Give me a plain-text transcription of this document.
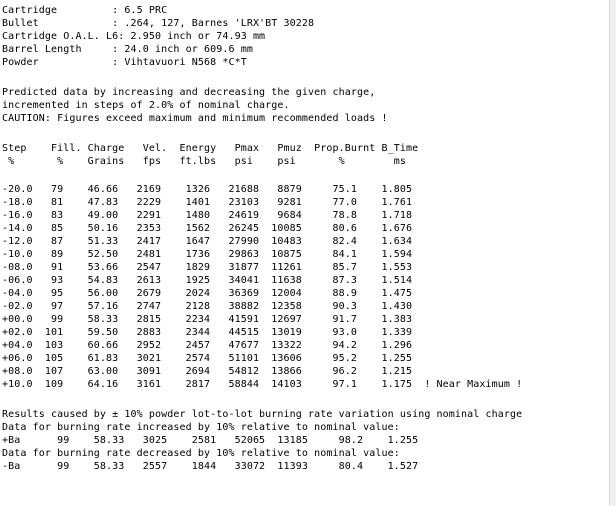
Cartridge         : 6.5 PRC
Bullet            : .264, 127, Barnes 'LRX'BT 30228
Cartridge O.A.L. L6: 2.950 inch or 74.93 mm
Barrel Length     : 24.0 inch or 609.6 mm
Powder            : Vihtavuori N568 *C*T
Predicted data by increasing and decreasing the given charge,
incremented in steps of 2.0% of nominal charge.
CAUTION: Figures exceed maximum and minimum recommended loads !
Step    Fill. Charge   Vel.  Energy   Pmax   Pmuz  Prop.Burnt B_Time
%       %    Grains   fps   ft.lbs   psi    psi       %        ms
-20.0   79    46.66   2169    1326   21688   8879     75.1    1.805
-18.0   81    47.83   2229    1401   23103   9281     77.0    1.761
-16.0   83    49.00   2291    1480   24619   9684     78.8    1.718
-14.0   85    50.16   2353    1562   26245  10085     80.6    1.676
-12.0   87    51.33   2417    1647   27990  10483     82.4    1.634
-10.0   89    52.50   2481    1736   29863  10875     84.1    1.594
-08.0   91    53.66   2547    1829   31877  11261     85.7    1.553
-06.0   93    54.83   2613    1925   34041  11638     87.3    1.514
-04.0   95    56.00   2679    2024   36369  12004     88.9    1.475
-02.0   97    57.16   2747    2128   38882  12358     90.3    1.430
+00.0   99    58.33   2815    2234   41591  12697     91.7    1.383
+02.0  101    59.50   2883    2344   44515  13019     93.0    1.339
+04.0  103    60.66   2952    2457   47677  13322     94.2    1.296
+06.0  105    61.83   3021    2574   51101  13606     95.2    1.255
+08.0  107    63.00   3091    2694   54812  13866     96.2    1.215
+10.0  109    64.16   3161    2817   58844  14103     97.1    1.175  ! Near Maximum !
Results caused by ± 10% powder lot-to-lot burning rate variation using nominal charge
Data for burning rate increased by 10% relative to nominal value:
+Ba      99    58.33   3025    2581   52065  13185     98.2    1.255
Data for burning rate decreased by 10% relative to nominal value:
-Ba      99    58.33   2557    1844   33072  11393     80.4    1.527
